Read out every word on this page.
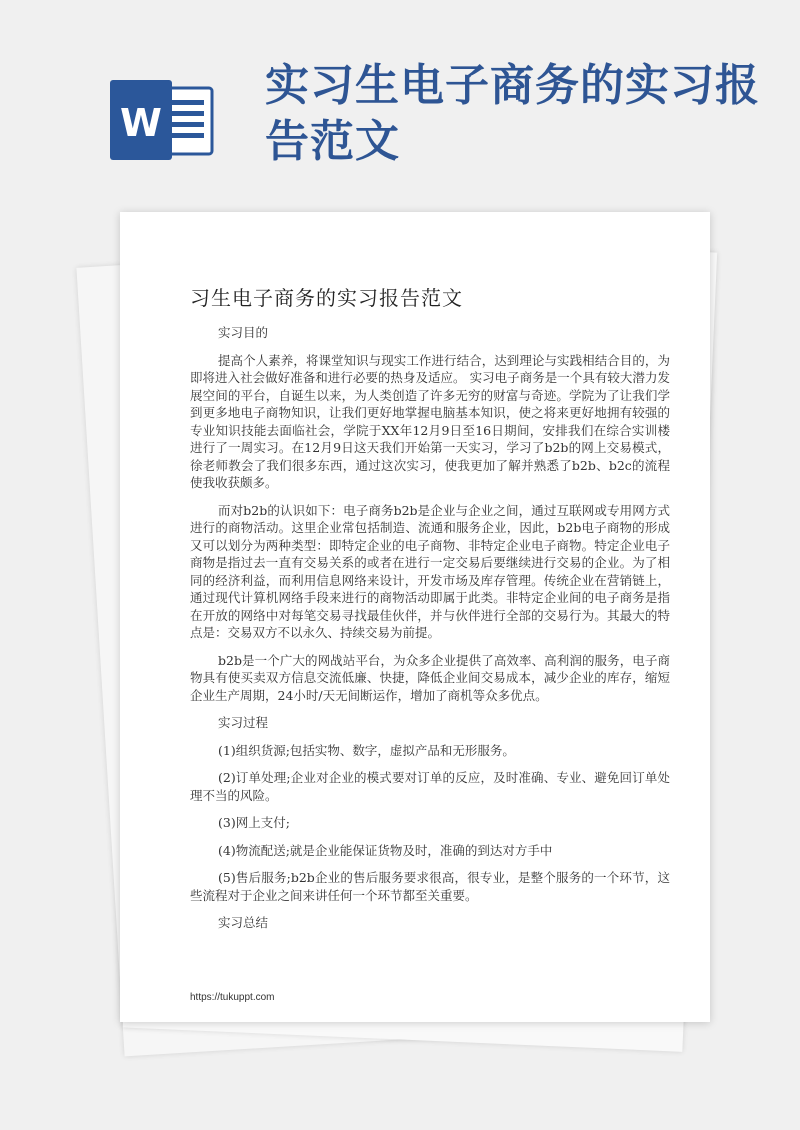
W
实习生电子商务的实习报告范文
习生电子商务的实习报告范文

实习目的

提高个人素养，将课堂知识与现实工作进行结合，达到理论与实践相结合目的，为即将进入社会做好准备和进行必要的热身及适应。 实习电子商务是一个具有较大潜力发展空间的平台，自诞生以来，为人类创造了许多无穷的财富与奇迹。学院为了让我们学到更多地电子商物知识，让我们更好地掌握电脑基本知识，使之将来更好地拥有较强的专业知识技能去面临社会，学院于XX年12月9日至16日期间，安排我们在综合实训楼进行了一周实习。在12月9日这天我们开始第一天实习，学习了b2b的网上交易模式，徐老师教会了我们很多东西，通过这次实习，使我更加了解并熟悉了b2b、b2c的流程使我收获颇多。

而对b2b的认识如下：电子商务b2b是企业与企业之间，通过互联网或专用网方式进行的商物活动。这里企业常包括制造、流通和服务企业，因此，b2b电子商物的形成又可以划分为两种类型：即特定企业的电子商物、非特定企业电子商物。特定企业电子商物是指过去一直有交易关系的或者在进行一定交易后要继续进行交易的企业。为了相同的经济利益，而利用信息网络来设计，开发市场及库存管理。传统企业在营销链上，通过现代计算机网络手段来进行的商物活动即属于此类。非特定企业间的电子商务是指在开放的网络中对每笔交易寻找最佳伙伴，并与伙伴进行全部的交易行为。其最大的特点是：交易双方不以永久、持续交易为前提。

b2b是一个广大的网战站平台，为众多企业提供了高效率、高利润的服务，电子商物具有使买卖双方信息交流低廉、快捷，降低企业间交易成本，减少企业的库存，缩短企业生产周期，24小时/天无间断运作，增加了商机等众多优点。

实习过程

(1)组织货源;包括实物、数字，虚拟产品和无形服务。

(2)订单处理;企业对企业的模式要对订单的反应，及时准确、专业、避免回订单处理不当的风险。

(3)网上支付;

(4)物流配送;就是企业能保证货物及时，准确的到达对方手中

(5)售后服务;b2b企业的售后服务要求很高，很专业，是整个服务的一个环节，这些流程对于企业之间来讲任何一个环节都至关重要。

实习总结

https://tukuppt.com
